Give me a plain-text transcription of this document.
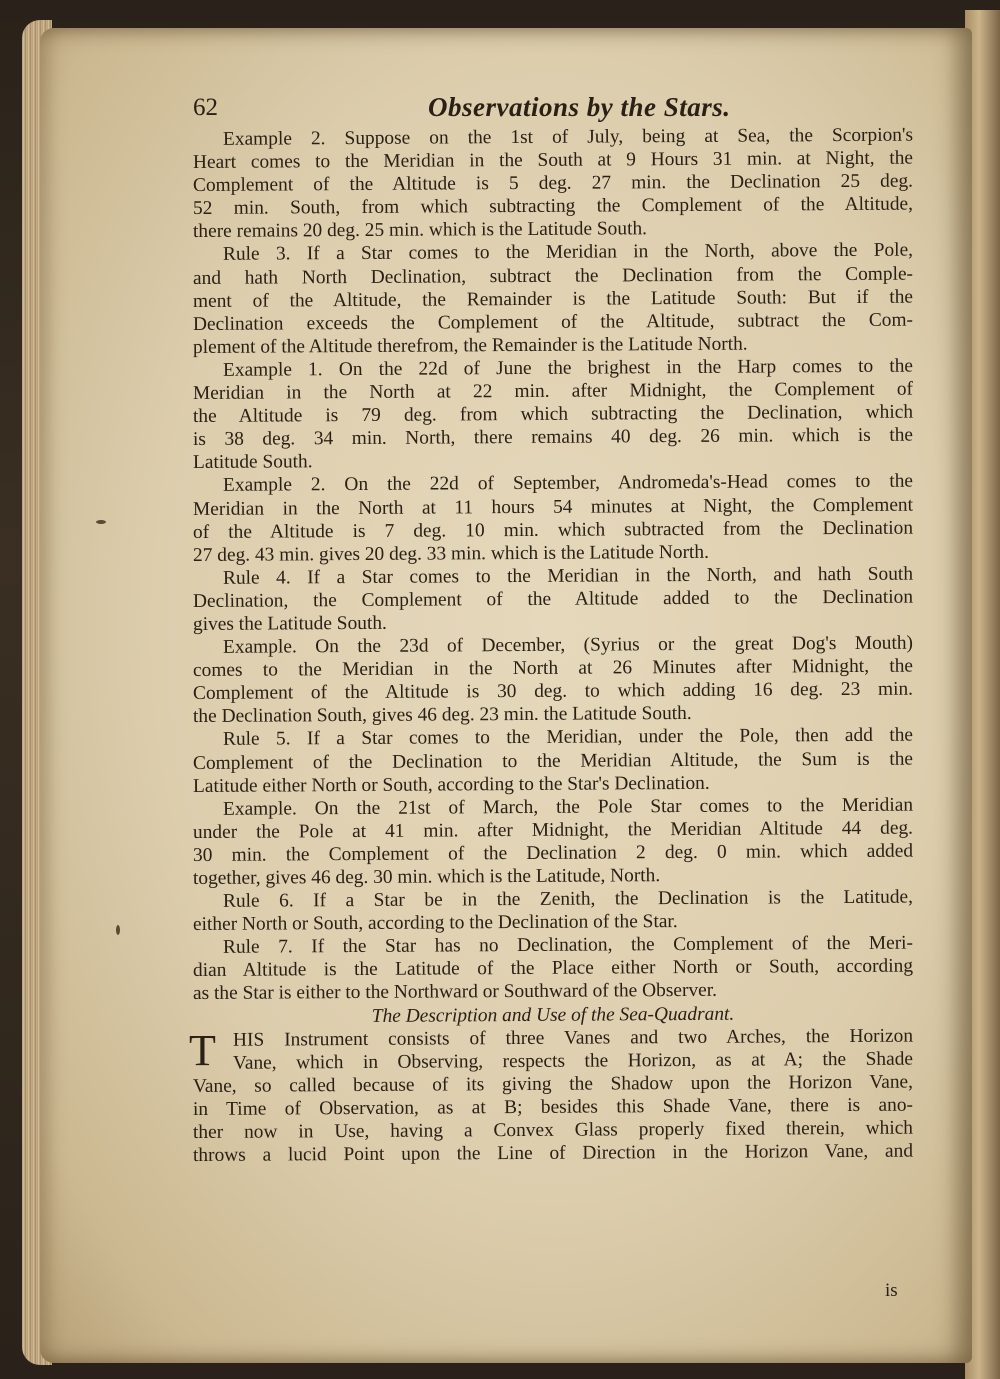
62	Observations by the Stars.
Example 2. Suppose on the 1st of July, being at Sea, the Scorpion's
Heart comes to the Meridian in the South at 9 Hours 31 min. at Night, the
Complement of the Altitude is 5 deg. 27 min. the Declination 25 deg.
52 min. South, from which subtracting the Complement of the Altitude,
there remains 20 deg. 25 min. which is the Latitude South.
Rule 3. If a Star comes to the Meridian in the North, above the Pole,
and hath North Declination, subtract the Declination from the Comple-
ment of the Altitude, the Remainder is the Latitude South: But if the
Declination exceeds the Complement of the Altitude, subtract the Com-
plement of the Altitude therefrom, the Remainder is the Latitude North.
Example 1. On the 22d of June the brighest in the Harp comes to the
Meridian in the North at 22 min. after Midnight, the Complement of
the Altitude is 79 deg. from which subtracting the Declination, which
is 38 deg. 34 min. North, there remains 40 deg. 26 min. which is the
Latitude South.
Example 2. On the 22d of September, Andromeda's-Head comes to the
Meridian in the North at 11 hours 54 minutes at Night, the Complement
of the Altitude is 7 deg. 10 min. which subtracted from the Declination
27 deg. 43 min. gives 20 deg. 33 min. which is the Latitude North.
Rule 4. If a Star comes to the Meridian in the North, and hath South
Declination, the Complement of the Altitude added to the Declination
gives the Latitude South.
Example. On the 23d of December, (Syrius or the great Dog's Mouth)
comes to the Meridian in the North at 26 Minutes after Midnight, the
Complement of the Altitude is 30 deg. to which adding 16 deg. 23 min.
the Declination South, gives 46 deg. 23 min. the Latitude South.
Rule 5. If a Star comes to the Meridian, under the Pole, then add the
Complement of the Declination to the Meridian Altitude, the Sum is the
Latitude either North or South, according to the Star's Declination.
Example. On the 21st of March, the Pole Star comes to the Meridian
under the Pole at 41 min. after Midnight, the Meridian Altitude 44 deg.
30 min. the Complement of the Declination 2 deg. 0 min. which added
together, gives 46 deg. 30 min. which is the Latitude, North.
Rule 6. If a Star be in the Zenith, the Declination is the Latitude,
either North or South, according to the Declination of the Star.
Rule 7. If the Star has no Declination, the Complement of the Meri-
dian Altitude is the Latitude of the Place either North or South, according
as the Star is either to the Northward or Southward of the Observer.
The Description and Use of the Sea-Quadrant.
T HIS Instrument consists of three Vanes and two Arches, the Horizon
Vane, which in Observing, respects the Horizon, as at A; the Shade
Vane, so called because of its giving the Shadow upon the Horizon Vane,
in Time of Observation, as at B; besides this Shade Vane, there is ano-
ther now in Use, having a Convex Glass properly fixed therein, which
throws a lucid Point upon the Line of Direction in the Horizon Vane, and
is
